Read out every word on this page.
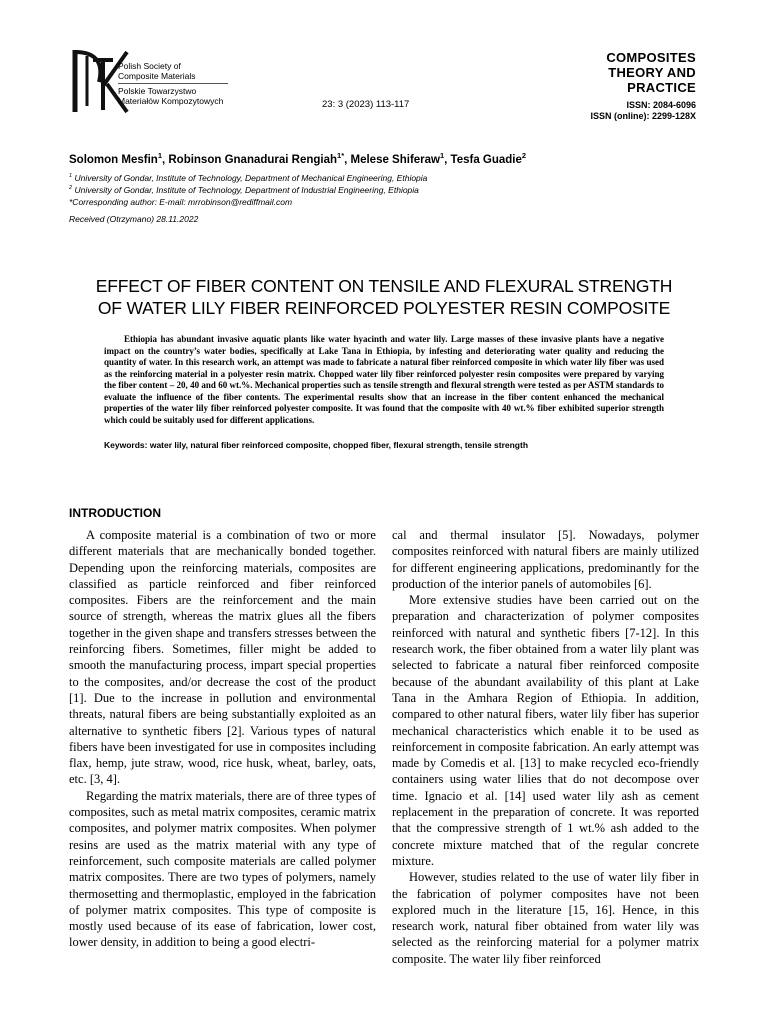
Polish Society of
Composite Materials
Polskie Towarzystwo
Materiałów Kompozytowych	23: 3 (2023) 113-117
COMPOSITES
THEORY AND
PRACTICE
ISSN: 2084-6096
ISSN (online): 2299-128X
Solomon Mesfin$^1$, Robinson Gnanadurai Rengiah$^{1*}$, Melese Shiferaw$^1$, Tesfa Guadie$^2$
$^1$ University of Gondar, Institute of Technology, Department of Mechanical Engineering, Ethiopia
$^2$ University of Gondar, Institute of Technology, Department of Industrial Engineering, Ethiopia
*Corresponding author: E-mail: mrrobinson@rediffmail.com
Received (Otrzymano) 28.11.2022
EFFECT OF FIBER CONTENT ON TENSILE AND FLEXURAL STRENGTH
OF WATER LILY FIBER REINFORCED POLYESTER RESIN COMPOSITE
Ethiopia has abundant invasive aquatic plants like water hyacinth and water lily. Large masses of these invasive plants have a negative impact on the country’s water bodies, specifically at Lake Tana in Ethiopia, by infesting and deteriorating water quality and reducing the quantity of water. In this research work, an attempt was made to fabricate a natural fiber reinforced composite in which water lily fiber was used as the reinforcing material in a polyester resin matrix. Chopped water lily fiber reinforced polyester resin composites were prepared by varying the fiber content – 20, 40 and 60 wt.%. Mechanical properties such as tensile strength and flexural strength were tested as per ASTM standards to evaluate the influence of the fiber contents. The experimental results show that an increase in the fiber content enhanced the mechanical properties of the water lily fiber reinforced polyester composite. It was found that the composite with 40 wt.% fiber exhibited superior strength which could be suitably used for different applications.
Keywords: water lily, natural fiber reinforced composite, chopped fiber, flexural strength, tensile strength
INTRODUCTION

A composite material is a combination of two or more different materials that are mechanically bonded together. Depending upon the reinforcing materials, composites are classified as particle reinforced and fiber reinforced composites. Fibers are the reinforcement and the main source of strength, whereas the matrix glues all the fibers together in the given shape and transfers stresses between the reinforcing fibers. Sometimes, filler might be added to smooth the manufacturing process, impart special properties to the composites, and/or decrease the cost of the product [1]. Due to the increase in pollution and environmental threats, natural fibers are being substantially exploited as an alternative to synthetic fibers [2]. Various types of natural fibers have been investigated for use in composites including flax, hemp, jute straw, wood, rice husk, wheat, barley, oats, etc. [3, 4].

Regarding the matrix materials, there are of three types of composites, such as metal matrix composites, ceramic matrix composites, and polymer matrix composites. When polymer resins are used as the matrix material with any type of reinforcement, such composite materials are called polymer matrix composites. There are two types of polymers, namely thermosetting and thermoplastic, employed in the fabrication of polymer matrix composites. This type of composite is mostly used because of its ease of fabrication, lower cost, lower density, in addition to being a good electri-

cal and thermal insulator [5]. Nowadays, polymer composites reinforced with natural fibers are mainly utilized for different engineering applications, predominantly for the production of the interior panels of automobiles [6].

More extensive studies have been carried out on the preparation and characterization of polymer composites reinforced with natural and synthetic fibers [7-12]. In this research work, the fiber obtained from a water lily plant was selected to fabricate a natural fiber reinforced composite because of the abundant availability of this plant at Lake Tana in the Amhara Region of Ethiopia. In addition, compared to other natural fibers, water lily fiber has superior mechanical characteristics which enable it to be used as reinforcement in composite fabrication. An early attempt was made by Comedis et al. [13] to make recycled eco-friendly containers using water lilies that do not decompose over time. Ignacio et al. [14] used water lily ash as cement replacement in the preparation of concrete. It was reported that the compressive strength of 1 wt.% ash added to the concrete mixture matched that of the regular concrete mixture.

However, studies related to the use of water lily fiber in the fabrication of polymer composites have not been explored much in the literature [15, 16]. Hence, in this research work, natural fiber obtained from water lily was selected as the reinforcing material for a polymer matrix composite. The water lily fiber reinforced
